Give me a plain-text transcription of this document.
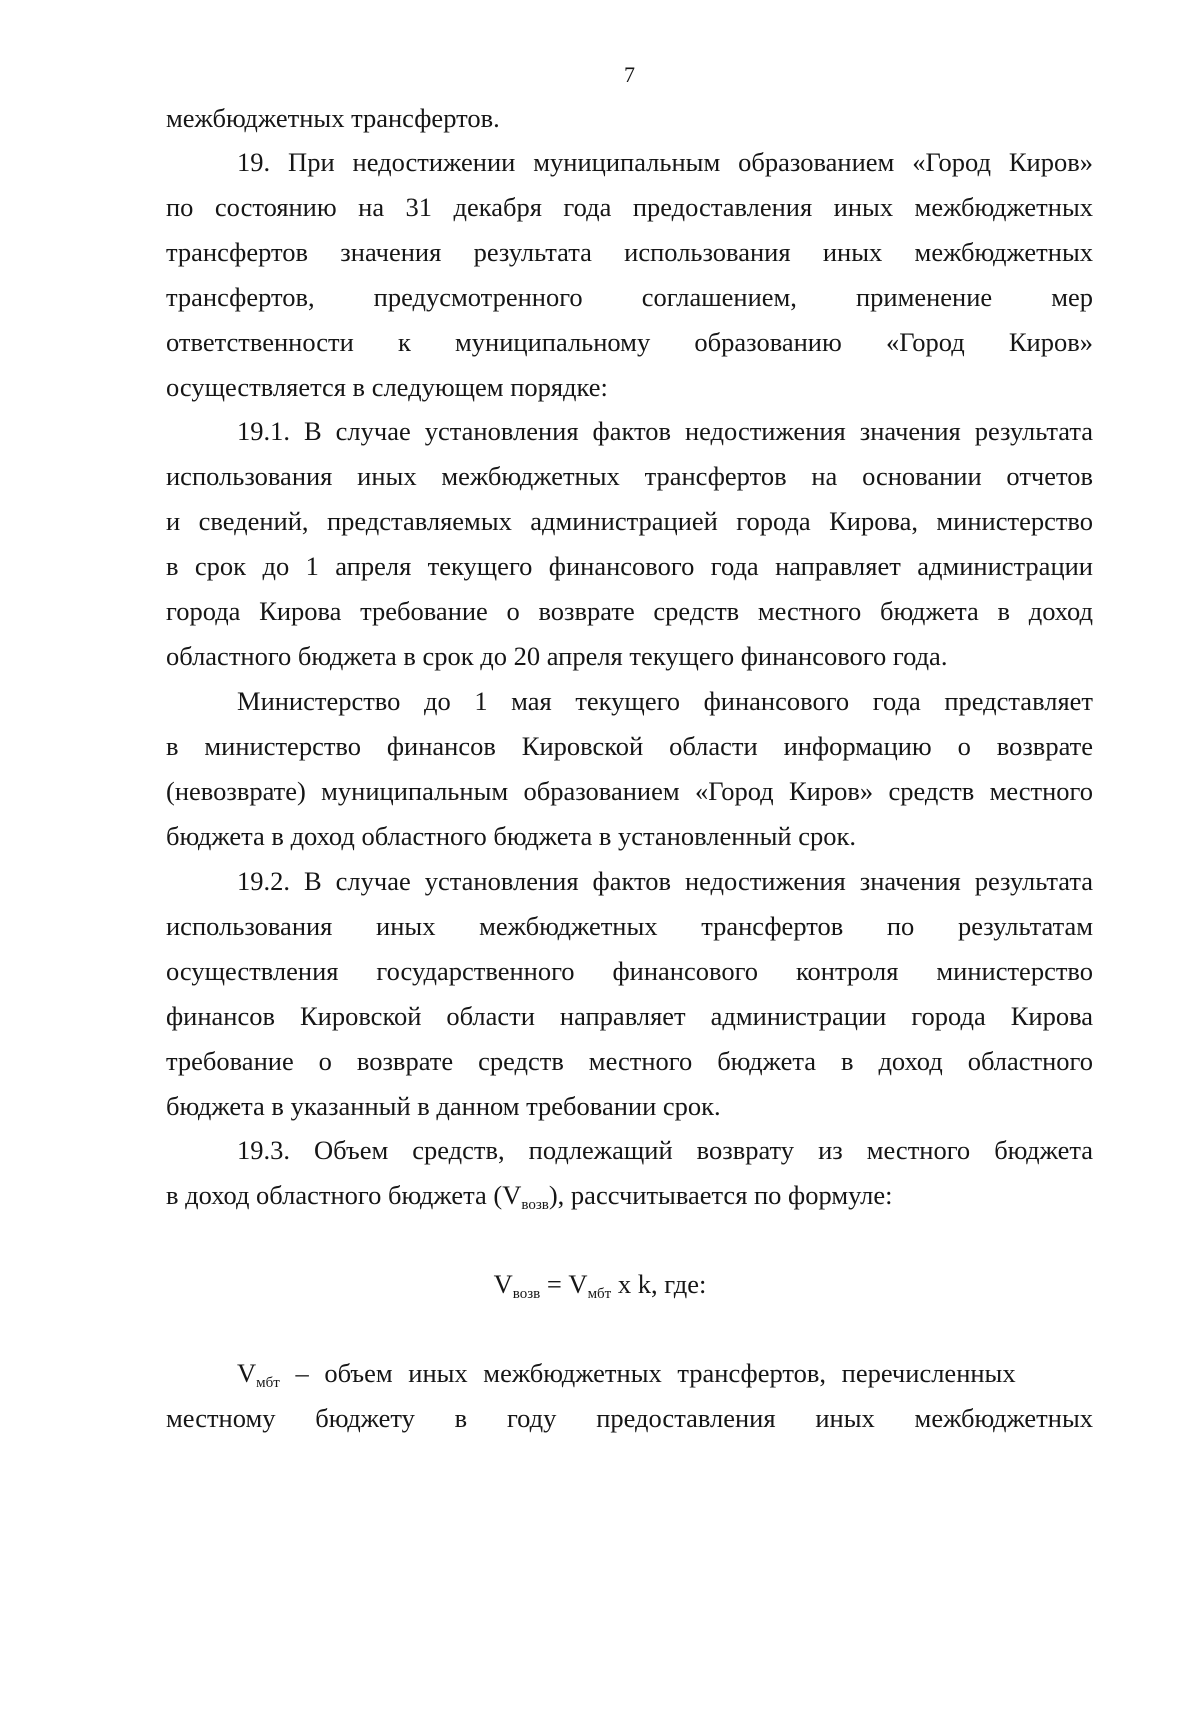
7
межбюджетных трансфертов.
19. При недостижении муниципальным образованием «Город Киров»
по состоянию на 31 декабря года предоставления иных межбюджетных
трансфертов значения результата использования иных межбюджетных
трансфертов, предусмотренного соглашением, применение мер
ответственности к муниципальному образованию «Город Киров»
осуществляется в следующем порядке:
19.1. В случае установления фактов недостижения значения результата
использования иных межбюджетных трансфертов на основании отчетов
и сведений, представляемых администрацией города Кирова, министерство
в срок до 1 апреля текущего финансового года направляет администрации
города Кирова требование о возврате средств местного бюджета в доход
областного бюджета в срок до 20 апреля текущего финансового года.
Министерство до 1 мая текущего финансового года представляет
в министерство финансов Кировской области информацию о возврате
(невозврате) муниципальным образованием «Город Киров» средств местного
бюджета в доход областного бюджета в установленный срок.
19.2. В случае установления фактов недостижения значения результата
использования иных межбюджетных трансфертов по результатам
осуществления государственного финансового контроля министерство
финансов Кировской области направляет администрации города Кирова
требование о возврате средств местного бюджета в доход областного
бюджета в указанный в данном требовании срок.
19.3. Объем средств, подлежащий возврату из местного бюджета
в доход областного бюджета $(V_{возв})$, рассчитывается по формуле:
$V_{возв} = V_{мбт}$ x k, где:
$V_{мбт}$ – объем иных межбюджетных трансфертов, перечисленных
местному бюджету в году предоставления иных межбюджетных
